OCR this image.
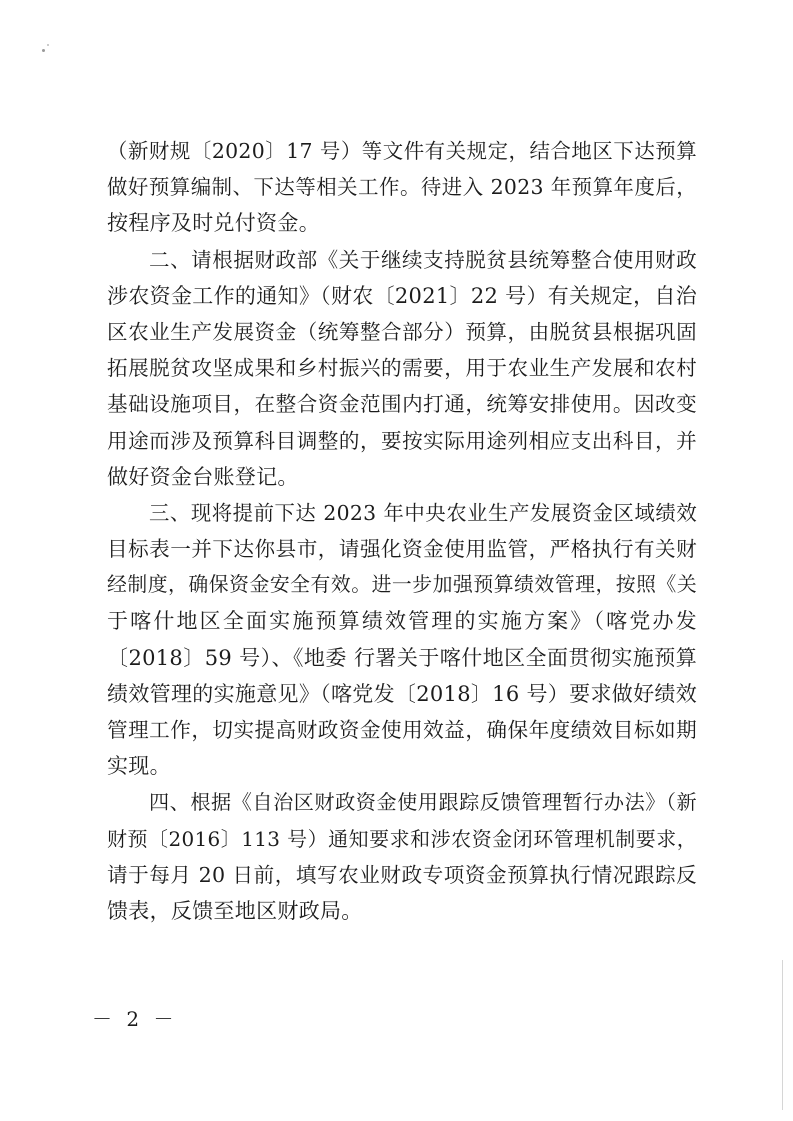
（新财规〔2020〕17 号）等文件有关规定，结合地区下达预算
做好预算编制、下达等相关工作。待进入 2023 年预算年度后，
按程序及时兑付资金。
二、请根据财政部《关于继续支持脱贫县统筹整合使用财政
涉农资金工作的通知》（财农〔2021〕22 号）有关规定，自治
区农业生产发展资金（统筹整合部分）预算，由脱贫县根据巩固
拓展脱贫攻坚成果和乡村振兴的需要，用于农业生产发展和农村
基础设施项目，在整合资金范围内打通，统筹安排使用。因改变
用途而涉及预算科目调整的，要按实际用途列相应支出科目，并
做好资金台账登记。
三、现将提前下达 2023 年中央农业生产发展资金区域绩效
目标表一并下达你县市，请强化资金使用监管，严格执行有关财
经制度，确保资金安全有效。进一步加强预算绩效管理，按照《关
于喀什地区全面实施预算绩效管理的实施方案》（喀党办发
〔2018〕59 号）、《地委 行署关于喀什地区全面贯彻实施预算
绩效管理的实施意见》（喀党发〔2018〕16 号）要求做好绩效
管理工作，切实提高财政资金使用效益，确保年度绩效目标如期
实现。
四、根据《自治区财政资金使用跟踪反馈管理暂行办法》（新
财预〔2016〕113 号）通知要求和涉农资金闭环管理机制要求，
请于每月 20 日前，填写农业财政专项资金预算执行情况跟踪反
馈表，反馈至地区财政局。
－ 2 －
